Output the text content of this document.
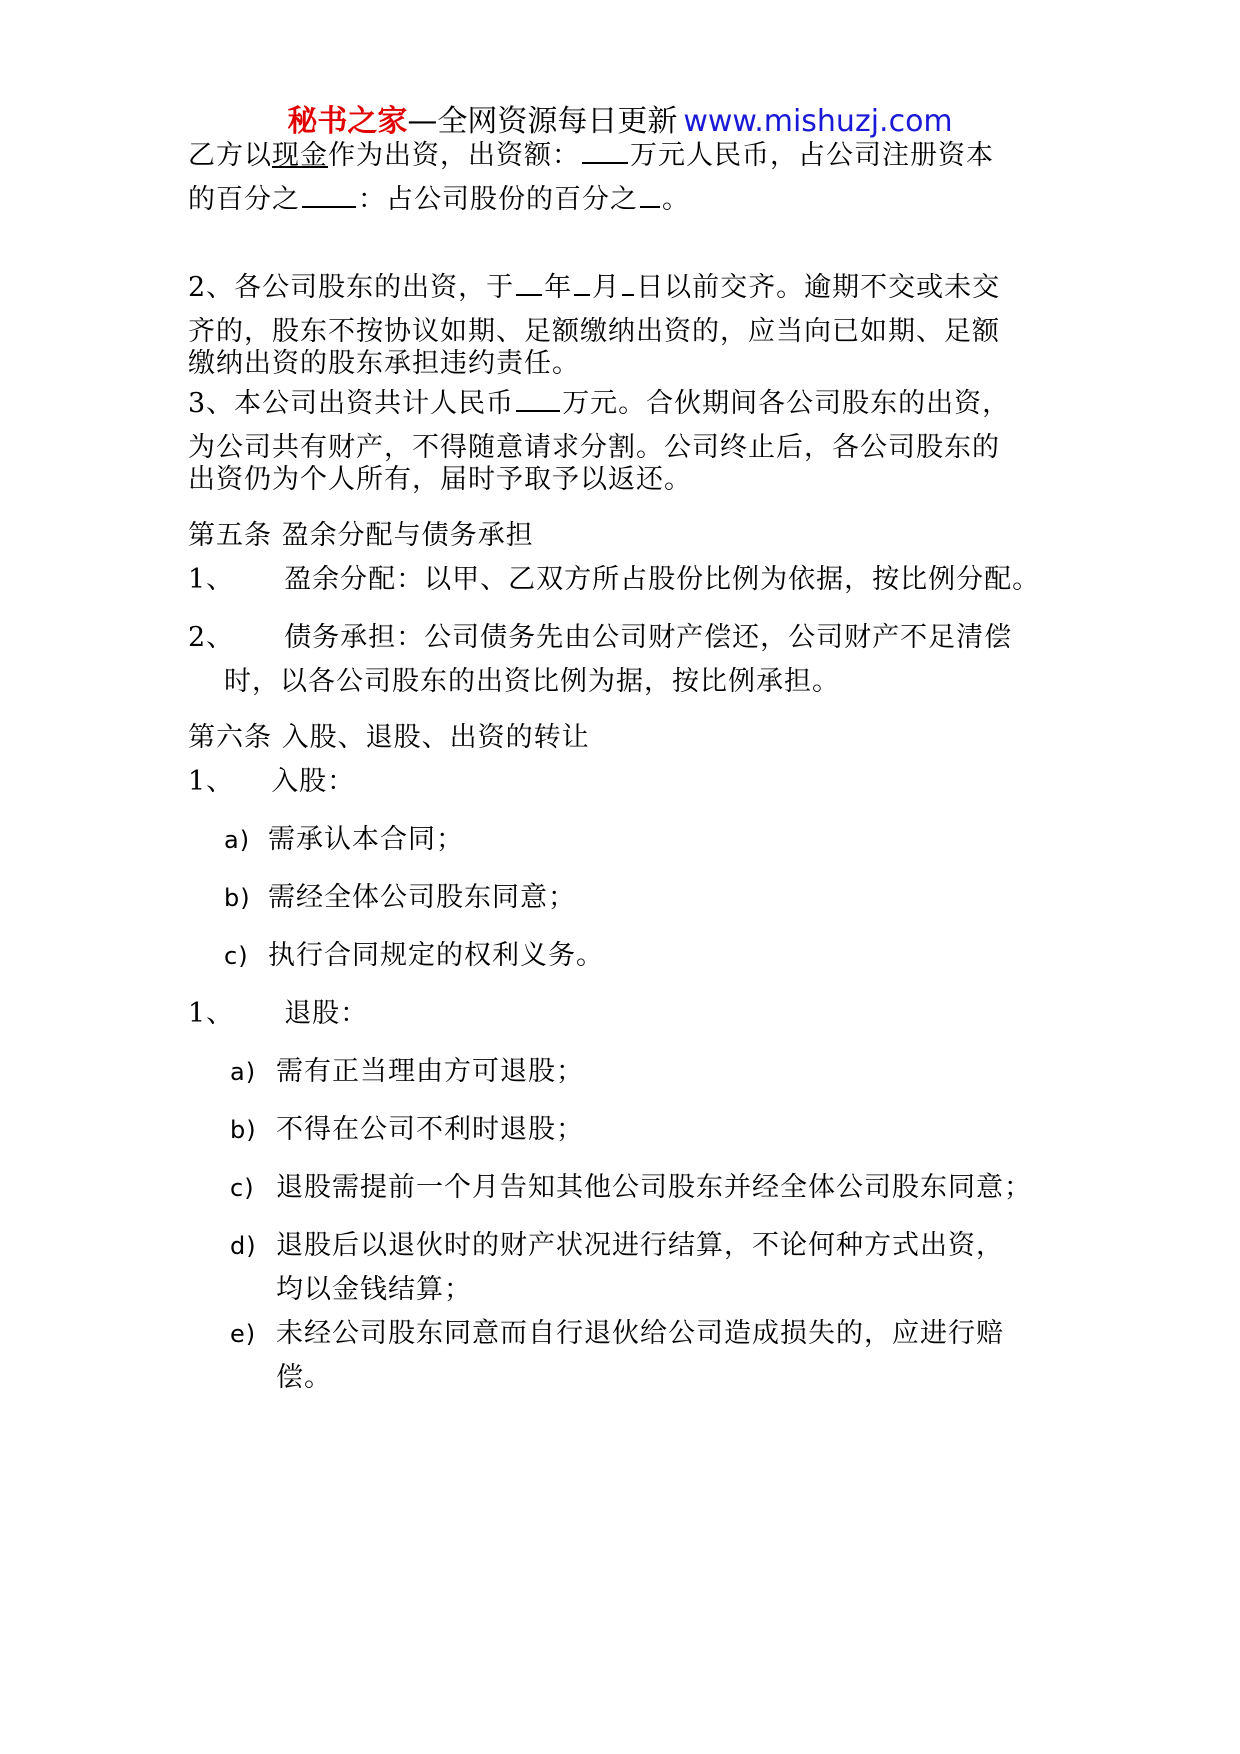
秘书之家—全网资源每日更新 www.mishuzj.com
乙方以现金作为出资，出资额： 万元人民币，占公司注册资本
的百分之 ：占公司股份的百分之 。
2、各公司股东的出资，于 年 月 日以前交齐。逾期不交或未交
齐的，股东不按协议如期、足额缴纳出资的，应当向已如期、足额
缴纳出资的股东承担违约责任。
3、本公司出资共计人民币 万元。合伙期间各公司股东的出资，
为公司共有财产，不得随意请求分割。公司终止后，各公司股东的
出资仍为个人所有，届时予取予以返还。
第五条 盈余分配与债务承担
1、 盈余分配：以甲、乙双方所占股份比例为依据，按比例分配。
2、 债务承担：公司债务先由公司财产偿还，公司财产不足清偿
时，以各公司股东的出资比例为据，按比例承担。
第六条 入股、退股、出资的转让
1、 入股：
a) 需承认本合同；
b) 需经全体公司股东同意；
c) 执行合同规定的权利义务。
1、 退股：
a) 需有正当理由方可退股；
b) 不得在公司不利时退股；
c) 退股需提前一个月告知其他公司股东并经全体公司股东同意；
d) 退股后以退伙时的财产状况进行结算，不论何种方式出资，
均以金钱结算；
e) 未经公司股东同意而自行退伙给公司造成损失的，应进行赔
偿。
